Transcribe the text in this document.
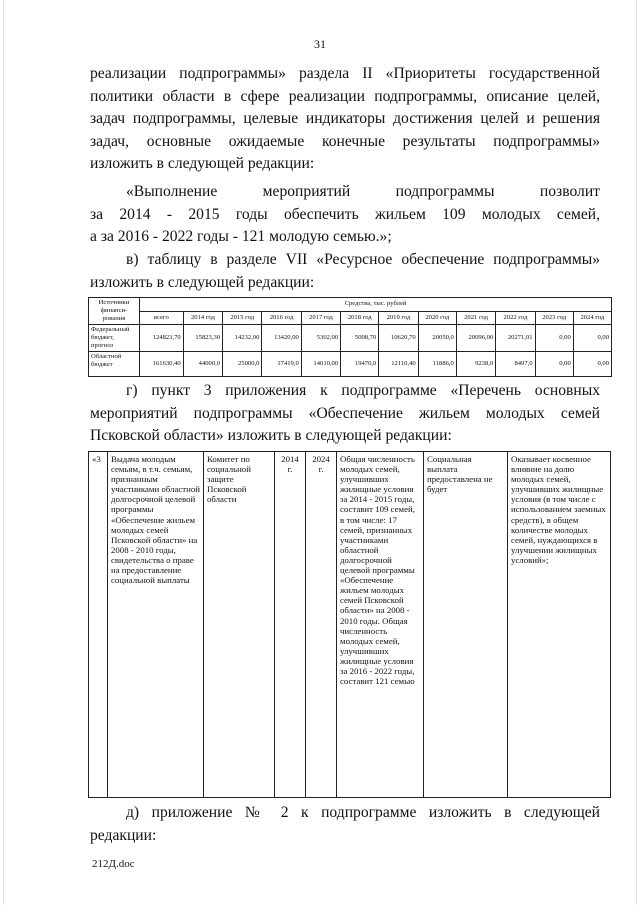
31
реализации подпрограммы» раздела II «Приоритеты государственной
политики области в сфере реализации подпрограммы, описание целей,
задач подпрограммы, целевые индикаторы достижения целей и решения
задач, основные ожидаемые конечные результаты подпрограммы»
изложить в следующей редакции:
«Выполнение мероприятий подпрограммы позволит
за 2014 - 2015 годы обеспечить жильем 109 молодых семей,
а за 2016 - 2022 годы - 121 молодую семью.»;
в) таблицу в разделе VII «Ресурсное обеспечение подпрограммы»
изложить в следующей редакции:
Источники финанси-рования	Средства, тыс. рублей											
	всего	2014 год	2015 год	2016 год	2017 год	2018 год	2019 год	2020 год	2021 год	2022 год	2023 год	2024 год
Федеральный бюджет, прогноз	124823,70	15823,30	14232,00	13420,00	5302,00	5008,70	10620,70	20050,0	20096,00	20271,01	0,00	0,00
Областной бюджет	161630,40	44000,0	25000,0	17419,0	14010,00	19470,0	12110,40	11886,0	9238,0	8497,0	0,00	0,00
г) пункт 3 приложения к подпрограмме «Перечень основных
мероприятий подпрограммы «Обеспечение жильем молодых семей
Псковской области» изложить в следующей редакции:
«3	Выдача молодым семьям, в т.ч. семьям, признанным участниками областной долгосрочной целевой программы «Обеспечение жильем молодых семей Псковской области» на 2008 - 2010 годы, свидетельства о праве на предоставление социальной выплаты	Комитет по социальной защите Псковской области	2014 г.	2024 г.	Общая численность молодых семей, улучшивших жилищные условия за 2014 - 2015 годы, составит 109 семей, в том числе: 17 семей, признанных участниками областной долгосрочной целевой программы «Обеспечение жильем молодых семей Псковской области» на 2008 - 2010 годы. Общая численность молодых семей, улучшивших жилищные условия за 2016 - 2022 годы, составит 121 семью	Социальная выплата предоставлена не будет	Оказывает косвенное влияние на долю молодых семей, улучшивших жилищные условия (в том числе с использованием заемных средств), в общем количестве молодых семей, нуждающихся в улучшении жилищных условий»;
д) приложение № 2 к подпрограмме изложить в следующей
редакции:
212Д.doc
